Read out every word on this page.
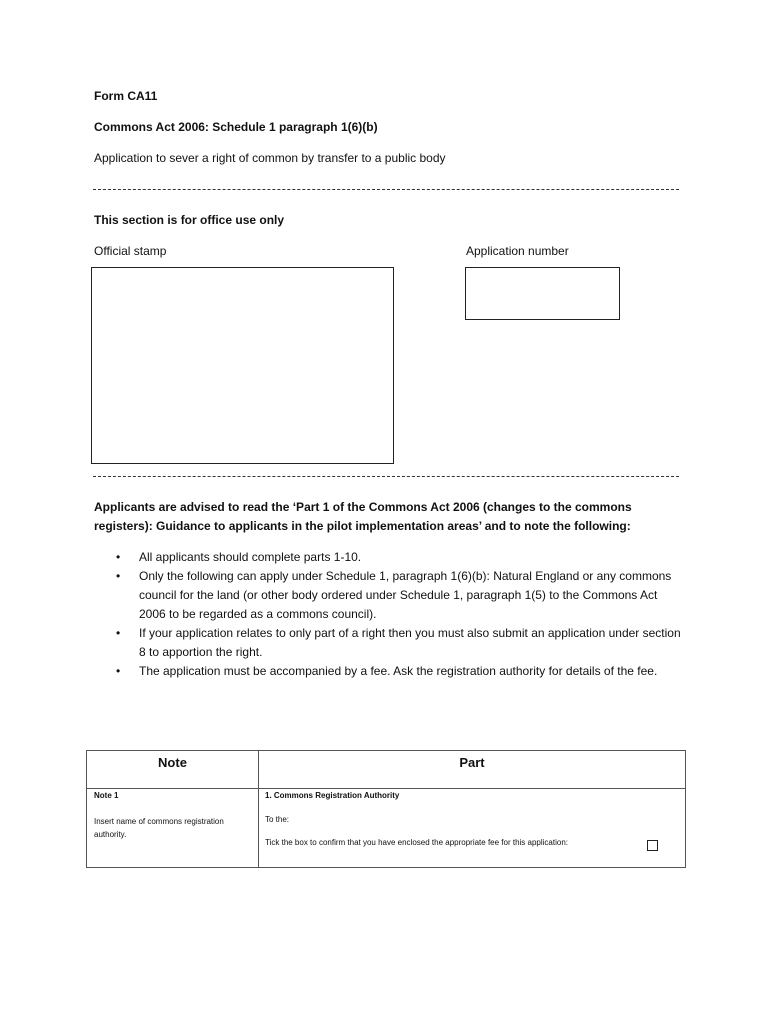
Form CA11
Commons Act 2006: Schedule 1 paragraph 1(6)(b)
Application to sever a right of common by transfer to a public body
This section is for office use only
Official stamp	Application number
Applicants are advised to read the ‘Part 1 of the Commons Act 2006 (changes to the commons registers): Guidance to applicants in the pilot implementation areas’ and to note the following:
• All applicants should complete parts 1-10.
• Only the following can apply under Schedule 1, paragraph 1(6)(b): Natural England or any commons council for the land (or other body ordered under Schedule 1, paragraph 1(5) to the Commons Act 2006 to be regarded as a commons council).
• If your application relates to only part of a right then you must also submit an application under section 8 to apportion the right.
• The application must be accompanied by a fee. Ask the registration authority for details of the fee.
Note	Part

Note 1
Insert name of commons registration authority.	1. Commons Registration Authority
To the:
Tick the box to confirm that you have enclosed the appropriate fee for this application:
